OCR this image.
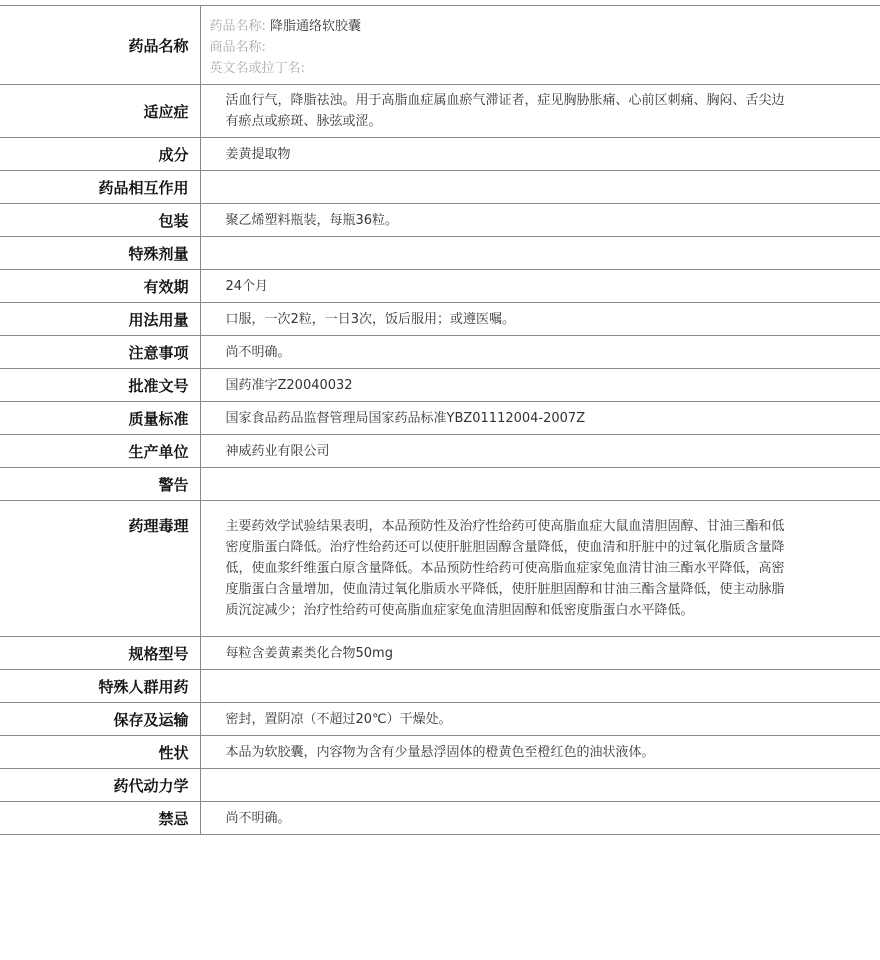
药品名称	药品名称: 降脂通络软胶囊
商品名称:
英文名或拉丁名:

适应症	活血行气，降脂祛浊。用于高脂血症属血瘀气滞证者，症见胸胁胀痛、心前区刺痛、胸闷、舌尖边有瘀点或瘀斑、脉弦或涩。
成分	姜黄提取物
药品相互作用	
包装	聚乙烯塑料瓶装，每瓶36粒。
特殊剂量	
有效期	24个月
用法用量	口服，一次2粒，一日3次，饭后服用；或遵医嘱。
注意事项	尚不明确。
批准文号	国药准字Z20040032
质量标准	国家食品药品监督管理局国家药品标准YBZ01112004-2007Z
生产单位	神威药业有限公司
警告	
药理毒理	主要药效学试验结果表明，本品预防性及治疗性给药可使高脂血症大鼠血清胆固醇、甘油三酯和低密度脂蛋白降低。治疗性给药还可以使肝脏胆固醇含量降低，使血清和肝脏中的过氧化脂质含量降低，使血浆纤维蛋白原含量降低。本品预防性给药可使高脂血症家兔血清甘油三酯水平降低，高密度脂蛋白含量增加，使血清过氧化脂质水平降低，使肝脏胆固醇和甘油三酯含量降低，使主动脉脂质沉淀减少；治疗性给药可使高脂血症家兔血清胆固醇和低密度脂蛋白水平降低。
规格型号	每粒含姜黄素类化合物50mg
特殊人群用药	
保存及运输	密封，置阴凉（不超过20℃）干燥处。
性状	本品为软胶囊，内容物为含有少量悬浮固体的橙黄色至橙红色的油状液体。
药代动力学	
禁忌	尚不明确。
